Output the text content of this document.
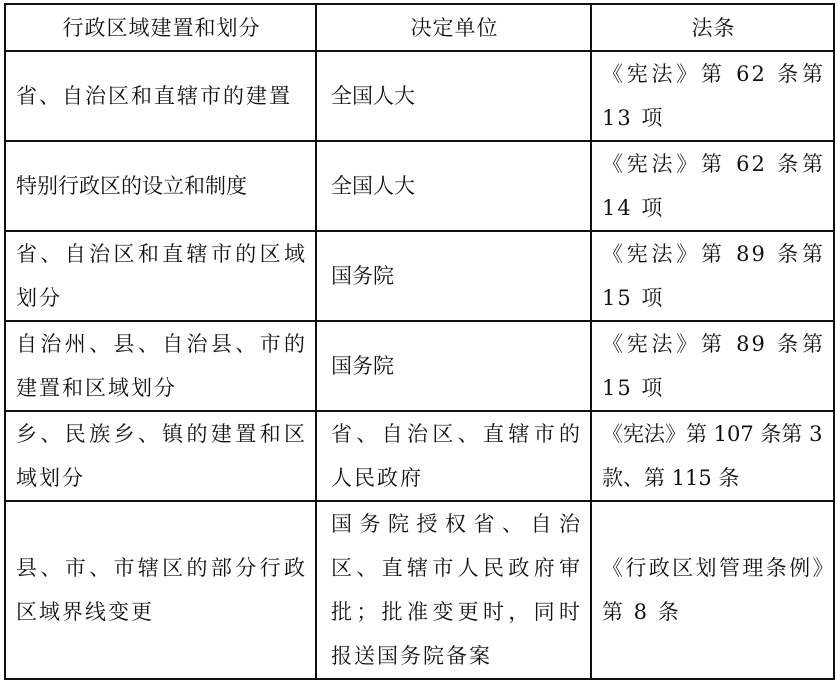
行政区域建置和划分	决定单位	法条
省、自治区和直辖市的建置	全国人大	《宪法》第 62 条第 13 项
特别行政区的设立和制度	全国人大	《宪法》第 62 条第 14 项
省、自治区和直辖市的区域划分	国务院	《宪法》第 89 条第 15 项
自治州、县、自治县、市的建置和区域划分	国务院	《宪法》第 89 条第 15 项
乡、民族乡、镇的建置和区域划分	省、自治区、直辖市的人民政府	《宪法》第 107 条第 3 款、第 115 条
县、市、市辖区的部分行政区域界线变更	国务院授权省、自治区、直辖市人民政府审批；批准变更时，同时报送国务院备案	《行政区划管理条例》第 8 条
